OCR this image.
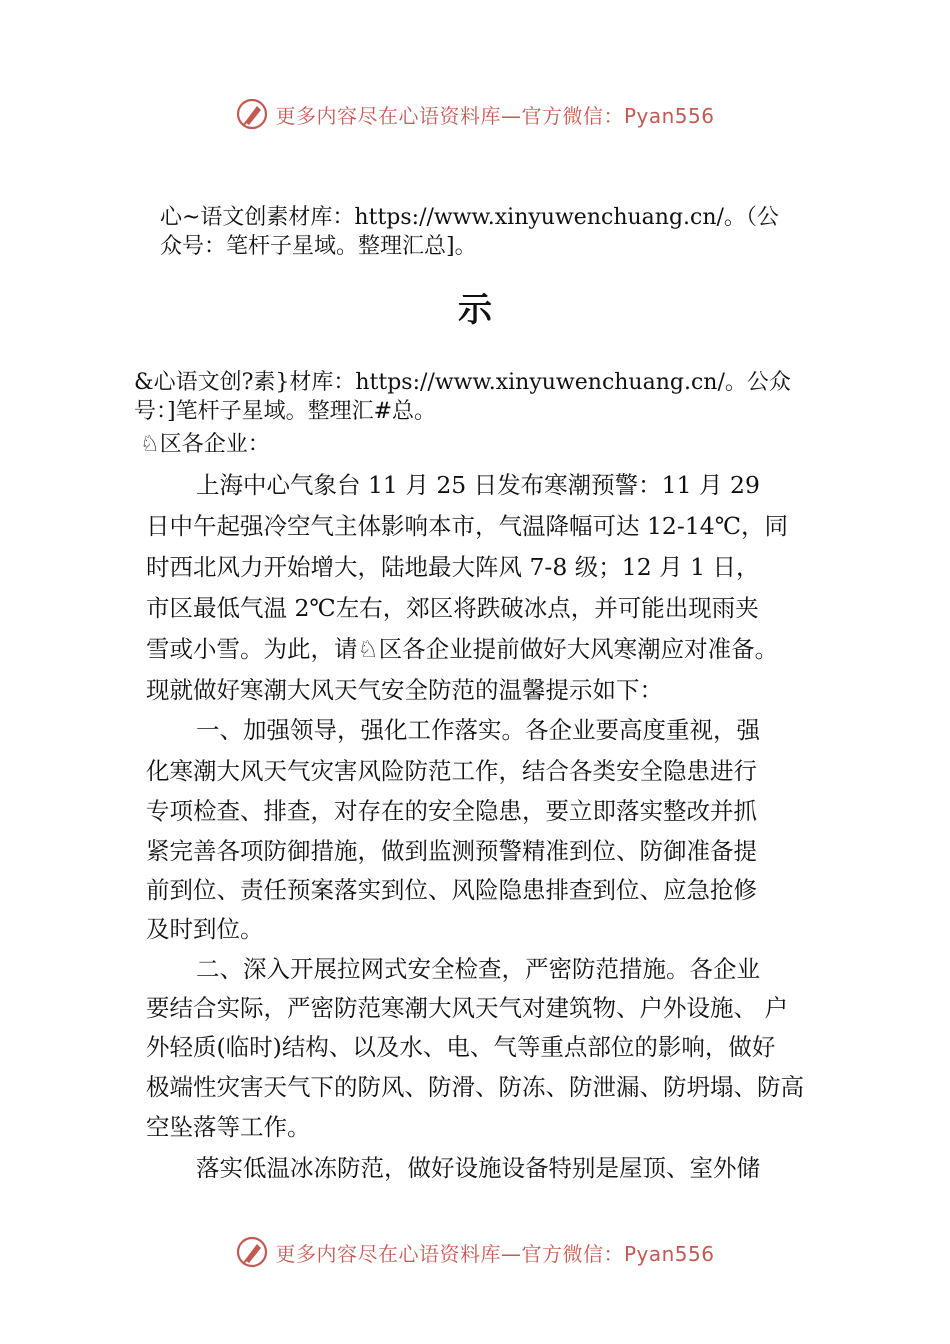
更多内容尽在心语资料库—官方微信：Pyan556

心~语文创素材库：https://www.xinyuwenchuang.cn/。（公

众号：笔杆子星域。整理汇总]。

示

&心语文创?素}材库：https://www.xinyuwenchuang.cn/。公众

号：]笔杆子星域。整理汇#总。

♘区各企业：

上海中心气象台 11 月 25 日发布寒潮预警：11 月 29

日中午起强冷空气主体影响本市，气温降幅可达 12-14℃，同

时西北风力开始增大，陆地最大阵风 7-8 级；12 月 1 日，

市区最低气温 2℃左右，郊区将跌破冰点，并可能出现雨夹

雪或小雪。为此，请♘区各企业提前做好大风寒潮应对准备。

现就做好寒潮大风天气安全防范的温馨提示如下：

一、加强领导，强化工作落实。各企业要高度重视，强

化寒潮大风天气灾害风险防范工作，结合各类安全隐患进行

专项检查、排查，对存在的安全隐患，要立即落实整改并抓

紧完善各项防御措施，做到监测预警精准到位、防御准备提

前到位、责任预案落实到位、风险隐患排查到位、应急抢修

及时到位。

二、深入开展拉网式安全检查，严密防范措施。各企业

要结合实际，严密防范寒潮大风天气对建筑物、户外设施、 户

外轻质(临时)结构、以及水、电、气等重点部位的影响，做好

极端性灾害天气下的防风、防滑、防冻、防泄漏、防坍塌、防高

空坠落等工作。

落实低温冰冻防范，做好设施设备特别是屋顶、室外储

更多内容尽在心语资料库—官方微信：Pyan556
